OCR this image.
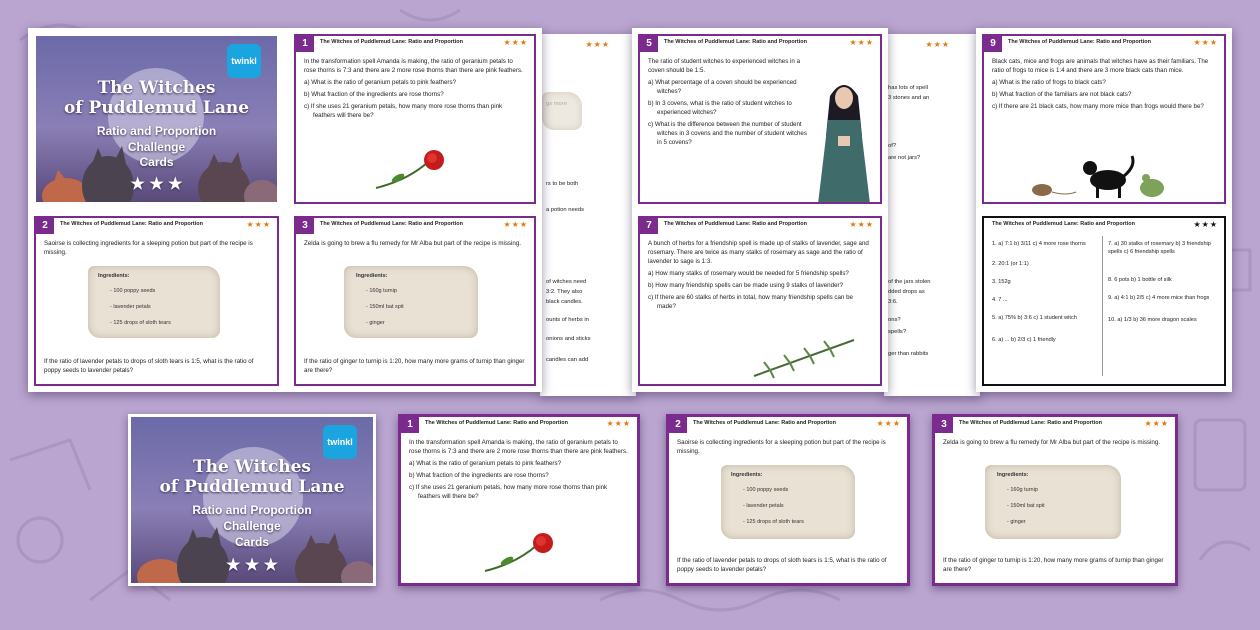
rs to be both
a potion needs
of witches need
3:2. They also
black candles.
ounts of herbs in
onions and sticks
candles can add
★★★
has lots of spell
3 stones and an
of?
are not jars?
of the jars stolen
dded drops as
3:6.
ons?
spells?
ger than rabbits
★★★
twinkl
The Witches
of Puddlemud Lane
Ratio and Proportion
Challenge
Cards
★ ★ ★
1	The Witches of Puddlemud Lane: Ratio and Proportion	★★★

In the transformation spell Amanda is making, the ratio of geranium petals to rose thorns is 7:3 and there are 2 more rose thorns than there are pink feathers.

a) What is the ratio of geranium petals to pink feathers?

b) What fraction of the ingredients are rose thorns?

c) If she uses 21 geranium petals, how many more rose thorns than pink feathers will there be?

2	The Witches of Puddlemud Lane: Ratio and Proportion	★★★

Saoirse is collecting ingredients for a sleeping potion but part of the recipe is missing.

Ingredients:
- 100 poppy seeds
- lavender petals
- 125 drops of sloth tears
If the ratio of lavender petals to drops of sloth tears is 1:5, what is the ratio of poppy seeds to lavender petals?
3	The Witches of Puddlemud Lane: Ratio and Proportion	★★★

Zelda is going to brew a flu remedy for Mr Alba but part of the recipe is missing.

Ingredients:
- 160g turnip
- 150ml bat spit
- ginger
If the ratio of ginger to turnip is 1:20, how many more grams of turnip than ginger are there?
5	The Witches of Puddlemud Lane: Ratio and Proportion	★★★

The ratio of student witches to experienced witches in a coven should be 1:5.

a) What percentage of a coven should be experienced witches?

b) In 3 covens, what is the ratio of student witches to experienced witches?

c) What is the difference between the number of student witches in 3 covens and the number of student witches in 5 covens?

7	The Witches of Puddlemud Lane: Ratio and Proportion	★★★

A bunch of herbs for a friendship spell is made up of stalks of lavender, sage and rosemary. There are twice as many stalks of rosemary as sage and the ratio of lavender to sage is 1:3.

a) How many stalks of rosemary would be needed for 5 friendship spells?

b) How many friendship spells can be made using 9 stalks of lavender?

c) If there are 60 stalks of herbs in total, how many friendship spells can be made?

9	The Witches of Puddlemud Lane: Ratio and Proportion	★★★

Black cats, mice and frogs are animals that witches have as their familiars. The ratio of frogs to mice is 1:4 and there are 3 more black cats than mice.

a) What is the ratio of frogs to black cats?

b) What fraction of the familiars are not black cats?

c) If there are 21 black cats, how many more mice than frogs would there be?

The Witches of Puddlemud Lane: Ratio and Proportion	★★★
1. a) 7:1 b) 3/11 c) 4 more rose thorns
2. 20:1 (or 1:1)
3. 152g
4. 7 ...
5. a) 75% b) 3:6 c) 1 student witch
6. a) ... b) 2/3 c) 1 friendly
7. a) 30 stalks of rosemary b) 3 friendship spells c) 6 friendship spells
8. 6 pots b) 1 bottle of silk
9. a) 4:1 b) 2/5 c) 4 more mice than frogs
10. a) 1/3 b) 36 more dragon scales
twinkl
The Witches
of Puddlemud Lane
Ratio and Proportion
Challenge
Cards
★ ★ ★
1	The Witches of Puddlemud Lane: Ratio and Proportion	★★★

In the transformation spell Amanda is making, the ratio of geranium petals to rose thorns is 7:3 and there are 2 more rose thorns than there are pink feathers.

a) What is the ratio of geranium petals to pink feathers?

b) What fraction of the ingredients are rose thorns?

c) If she uses 21 geranium petals, how many more rose thorns than pink feathers will there be?

2	The Witches of Puddlemud Lane: Ratio and Proportion	★★★

Saoirse is collecting ingredients for a sleeping potion but part of the recipe is missing.

Ingredients:
- 100 poppy seeds
- lavender petals
- 125 drops of sloth tears
If the ratio of lavender petals to drops of sloth tears is 1:5, what is the ratio of poppy seeds to lavender petals?
3	The Witches of Puddlemud Lane: Ratio and Proportion	★★★

Zelda is going to brew a flu remedy for Mr Alba but part of the recipe is missing.

Ingredients:
- 160g turnip
- 150ml bat spit
- ginger
If the ratio of ginger to turnip is 1:20, how many more grams of turnip than ginger are there?
